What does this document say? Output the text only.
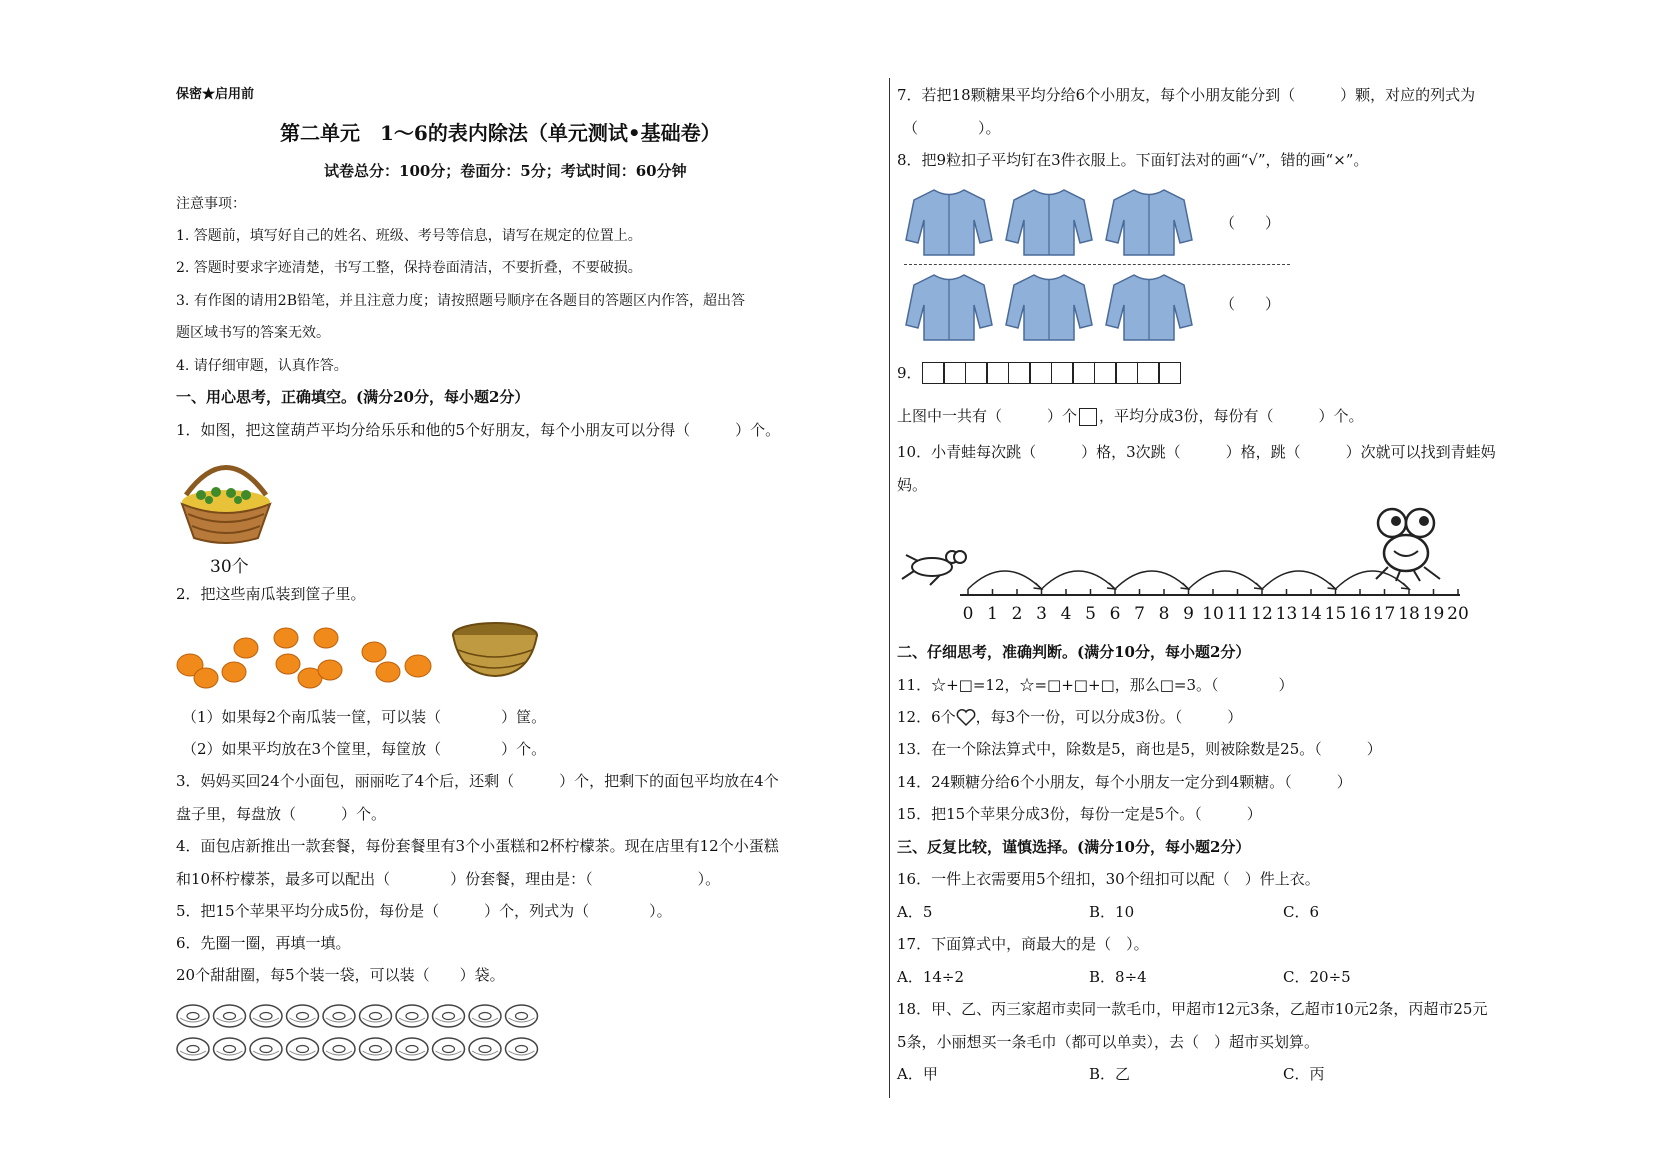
保密★启用前
第二单元　1～6的表内除法（单元测试•基础卷）
试卷总分：100分；卷面分：5分；考试时间：60分钟
注意事项：
1. 答题前，填写好自己的姓名、班级、考号等信息，请写在规定的位置上。
2. 答题时要求字迹清楚，书写工整，保持卷面清洁，不要折叠，不要破损。
3. 有作图的请用2B铅笔，并且注意力度；请按照题号顺序在各题目的答题区内作答，超出答
题区域书写的答案无效。
4. 请仔细审题，认真作答。
一、用心思考，正确填空。(满分20分，每小题2分）
1．如图，把这筐葫芦平均分给乐乐和他的5个好朋友，每个小朋友可以分得（　　　）个。
30个
2．把这些南瓜装到筐子里。
（1）如果每2个南瓜装一筐，可以装（　　　　）筐。
（2）如果平均放在3个筐里，每筐放（　　　　）个。
3．妈妈买回24个小面包，丽丽吃了4个后，还剩（　　　）个，把剩下的面包平均放在4个
盘子里，每盘放（　　　）个。
4．面包店新推出一款套餐，每份套餐里有3个小蛋糕和2杯柠檬茶。现在店里有12个小蛋糕
和10杯柠檬茶，最多可以配出（　　　　）份套餐，理由是：（　　　　　　　）。
5．把15个苹果平均分成5份，每份是（　　　）个，列式为（　　　　）。
6．先圈一圈，再填一填。
20个甜甜圈，每5个装一袋，可以装（　　）袋。
7．若把18颗糖果平均分给6个小朋友，每个小朋友能分到（　　　）颗，对应的列式为
（　　　　）。
8．把9粒扣子平均钉在3件衣服上。下面钉法对的画“√”，错的画“×”。
（　　）
（　　）
9．
上图中一共有（　　　）个 ，平均分成3份，每份有（　　　）个。
10．小青蛙每次跳（　　　）格，3次跳（　　　）格，跳（　　　）次就可以找到青蛙妈
妈。
0 1 2 3 4 5 6 7 8 9 10 11 12 13 14 15 16 17 18 19 20
二、仔细思考，准确判断。(满分10分，每小题2分）
11．☆+□=12，☆=□+□+□，那么□=3。（　　　　）
12．6个 ，每3个一份，可以分成3份。（　　　）
13．在一个除法算式中，除数是5，商也是5，则被除数是25。（　　　）
14．24颗糖分给6个小朋友，每个小朋友一定分到4颗糖。（　　　）
15．把15个苹果分成3份，每份一定是5个。（　　　）
三、反复比较，谨慎选择。(满分10分，每小题2分）
16．一件上衣需要用5个纽扣，30个纽扣可以配（　）件上衣。
A．5	B．10	C．6
17．下面算式中，商最大的是（　）。
A．14÷2	B．8÷4	C．20÷5
18．甲、乙、丙三家超市卖同一款毛巾，甲超市12元3条，乙超市10元2条，丙超市25元
5条，小丽想买一条毛巾（都可以单卖），去（　）超市买划算。
A．甲	B．乙	C．丙
